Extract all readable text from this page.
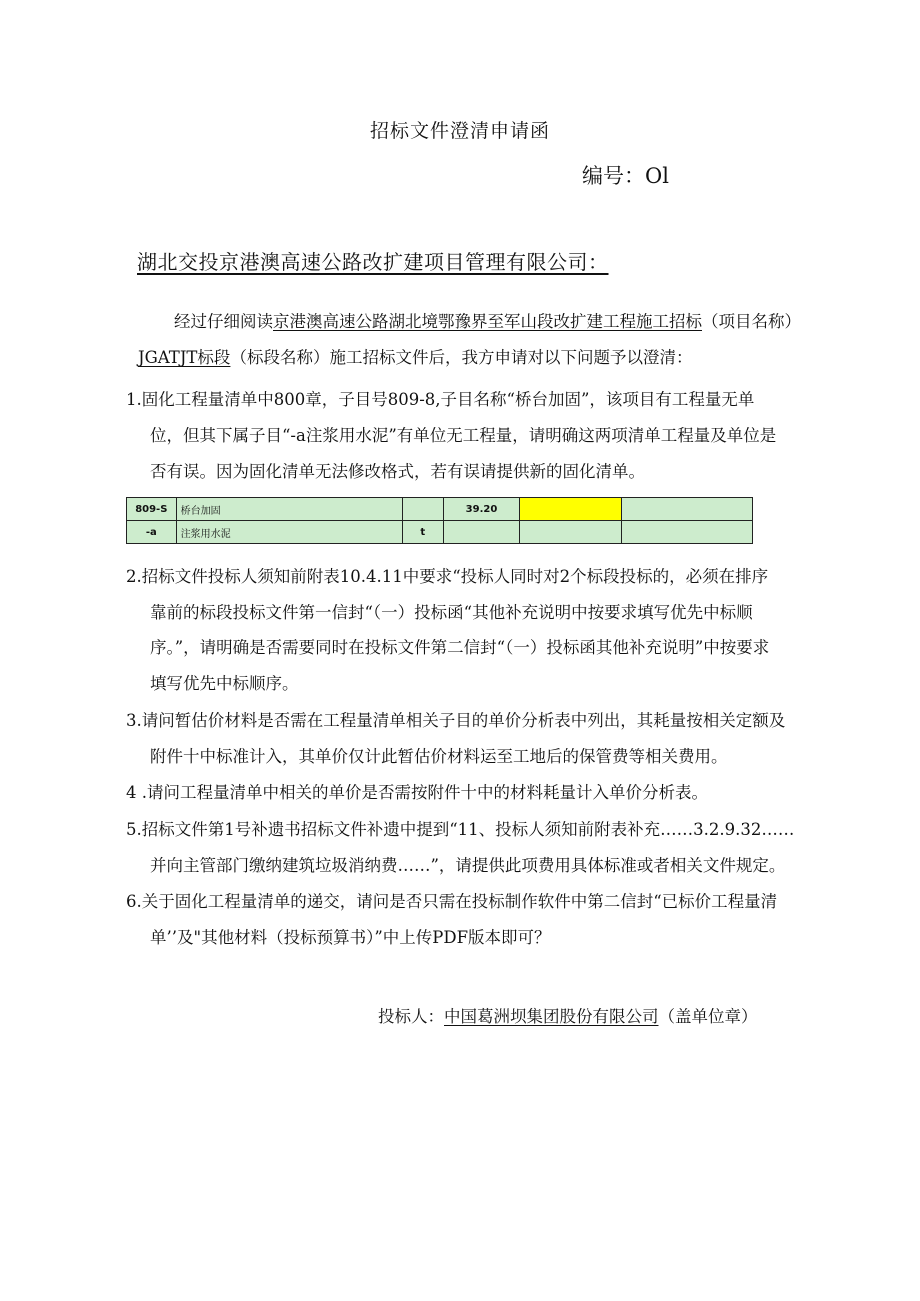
招标文件澄清申请函
编号：Ol
湖北交投京港澳高速公路改扩建项目管理有限公司：
经过仔细阅读京港澳高速公路湖北境鄂豫界至军山段改扩建工程施工招标（项目名称）
JGATJT标段（标段名称）施工招标文件后，我方申请对以下问题予以澄清：
1.固化工程量清单中800章，子目号809-8,子目名称“桥台加固”，该项目有工程量无单
位，但其下属子目“-a注浆用水泥”有单位无工程量，请明确这两项清单工程量及单位是
否有误。因为固化清单无法修改格式，若有误请提供新的固化清单。
809-S	桥台加固		39.20		
-a	注浆用水泥	t			
2.招标文件投标人须知前附表10.4.11中要求“投标人同时对2个标段投标的，必须在排序
靠前的标段投标文件第一信封“（一）投标函“其他补充说明中按要求填写优先中标顺
序。”，请明确是否需要同时在投标文件第二信封“（一）投标函其他补充说明”中按要求
填写优先中标顺序。
3.请问暂估价材料是否需在工程量清单相关子目的单价分析表中列出，其耗量按相关定额及
附件十中标准计入，其单价仅计此暂估价材料运至工地后的保管费等相关费用。
4 .请问工程量清单中相关的单价是否需按附件十中的材料耗量计入单价分析表。
5.招标文件第1号补遗书招标文件补遗中提到“11、投标人须知前附表补充……3.2.9.32……
并向主管部门缴纳建筑垃圾消纳费……”，请提供此项费用具体标准或者相关文件规定。
6.关于固化工程量清单的递交，请问是否只需在投标制作软件中第二信封“已标价工程量清
单’’及"其他材料（投标预算书）”中上传PDF版本即可？
投标人：中国葛洲坝集团股份有限公司（盖单位章）
